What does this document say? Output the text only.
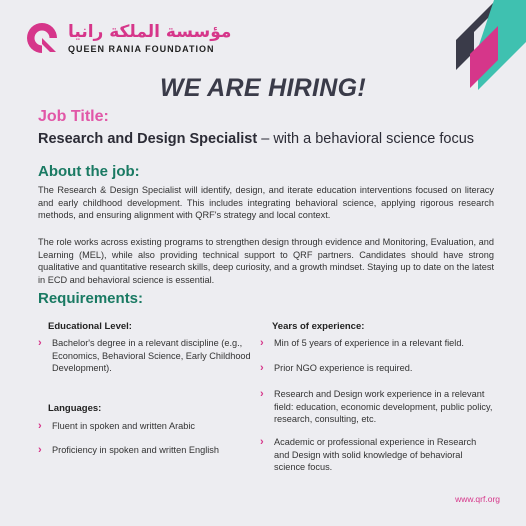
مؤسسة الملكة رانيا
QUEEN RANIA FOUNDATION
WE ARE HIRING!
Job Title:
Research and Design Specialist – with a behavioral science focus
About the job:
The Research & Design Specialist will identify, design, and iterate education interventions focused on literacy and early childhood development. This includes integrating behavioral science, applying rigorous research methods, and ensuring alignment with QRF's strategy and local context.
The role works across existing programs to strengthen design through evidence and Monitoring, Evaluation, and Learning (MEL), while also providing technical support to QRF partners. Candidates should have strong qualitative and quantitative research skills, deep curiosity, and a growth mindset. Staying up to date on the latest in ECD and behavioral science is essential.
Requirements:
Educational Level:
› Bachelor's degree in a relevant discipline (e.g., Economics, Behavioral Science, Early Childhood Development).
Languages:
› Fluent in spoken and written Arabic
› Proficiency in spoken and written English
Years of experience:
› Min of 5 years of experience in a relevant field.
› Prior NGO experience is required.
› Research and Design work experience in a relevant field: education, economic development, public policy, research, consulting, etc.
› Academic or professional experience in Research and Design with solid knowledge of behavioral science focus.
www.qrf.org
